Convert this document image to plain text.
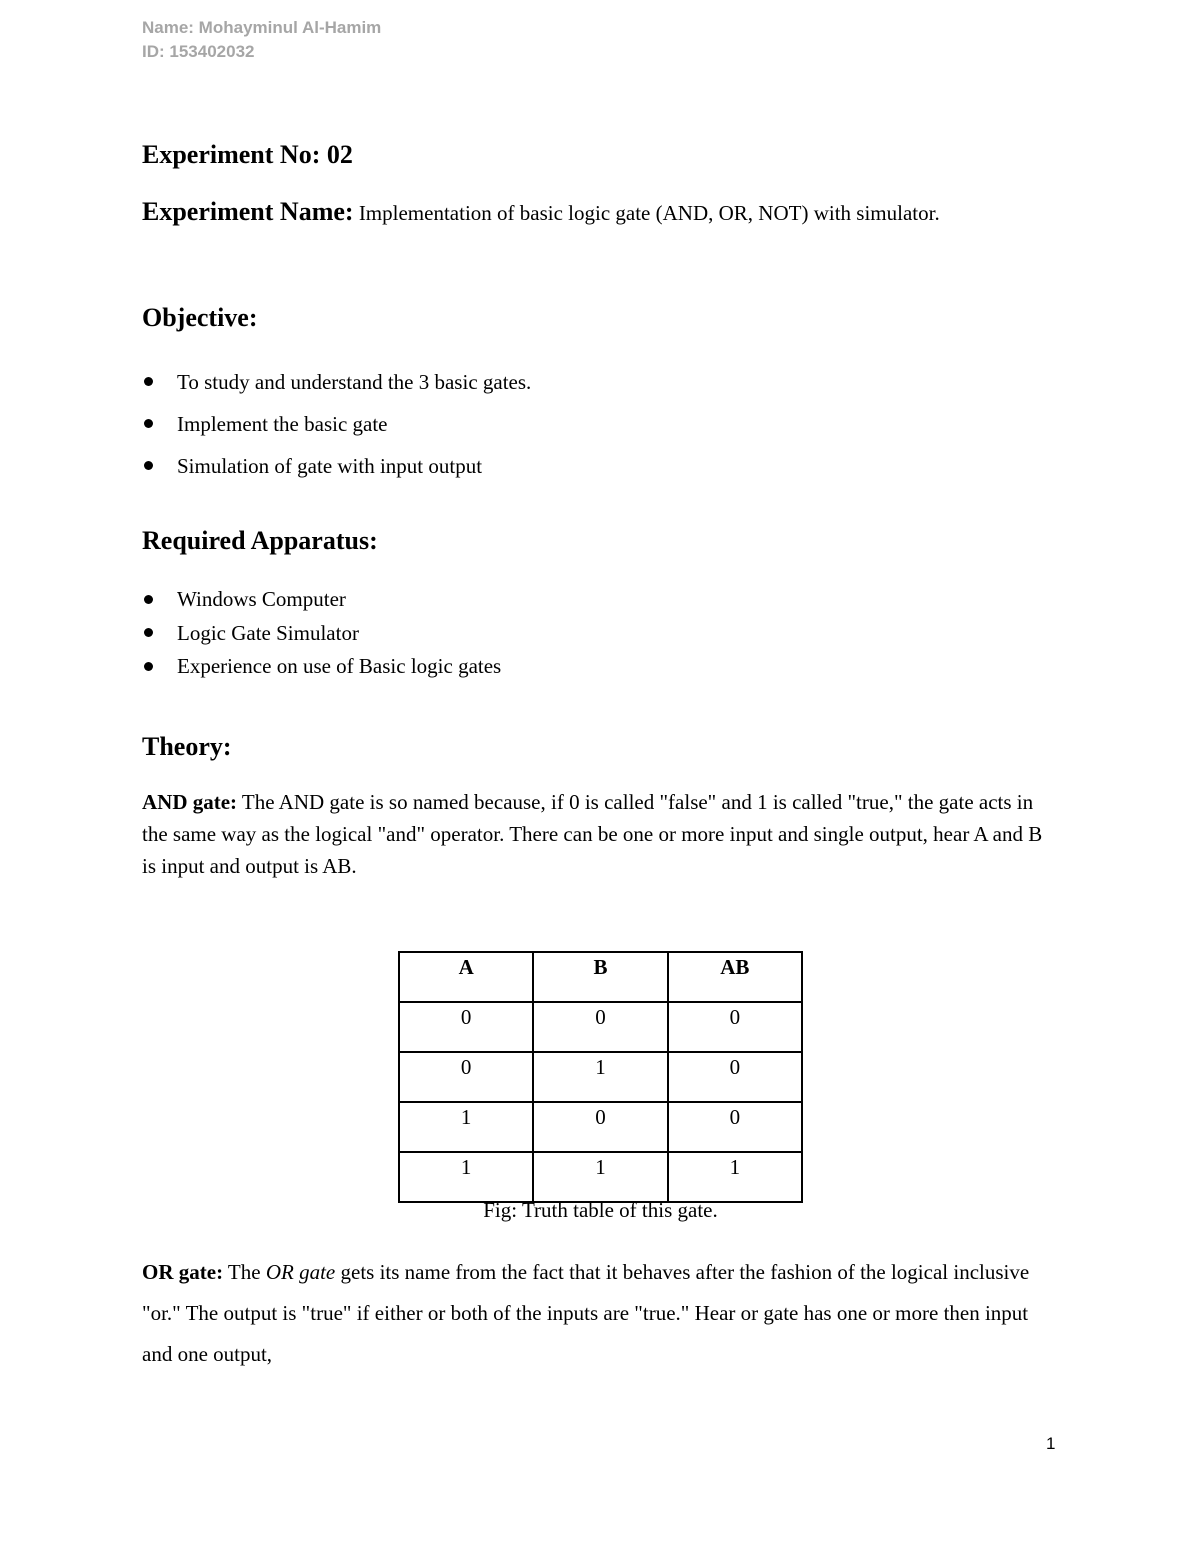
Name: Mohayminul Al-Hamim
ID: 153402032
Experiment No: 02
Experiment Name: Implementation of basic logic gate (AND, OR, NOT) with simulator.
Objective:
To study and understand the 3 basic gates.
Implement the basic gate
Simulation of gate with input output
Required Apparatus:
Windows Computer
Logic Gate Simulator
Experience on use of Basic logic gates
Theory:
AND gate: The AND gate is so named because, if 0 is called "false" and 1 is called "true," the gate acts in the same way as the logical "and" operator. There can be one or more input and single output, hear A and B is input and output is AB.
A	B	AB
0	0	0
0	1	0
1	0	0
1	1	1
Fig: Truth table of this gate.
OR gate: The OR gate gets its name from the fact that it behaves after the fashion of the logical inclusive "or." The output is "true" if either or both of the inputs are "true." Hear or gate has one or more then input and one output,
1
